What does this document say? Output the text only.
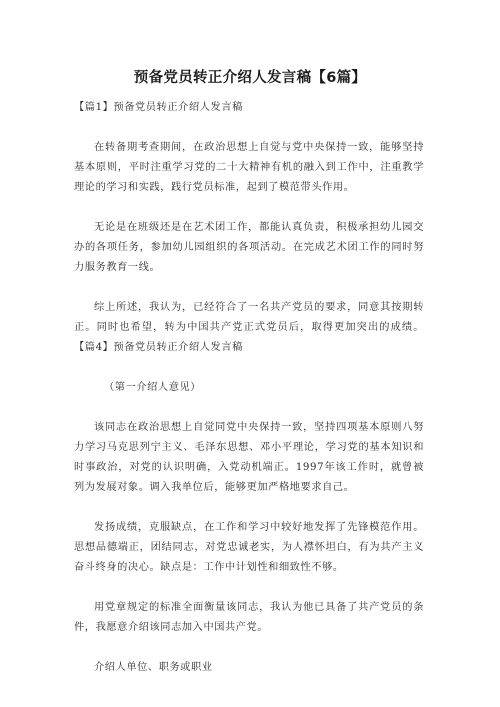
预备党员转正介绍人发言稿【6篇】

【篇1】预备党员转正介绍人发言稿

在转备期考查期间，在政治思想上自觉与党中央保持一致，能够坚持基本原则，平时注重学习党的二十大精神有机的融入到工作中，注重教学理论的学习和实践，践行党员标准，起到了模范带头作用。

无论是在班级还是在艺术团工作，都能认真负责，积极承担幼儿园交办的各项任务，参加幼儿园组织的各项活动。在完成艺术团工作的同时努力服务教育一线。

综上所述，我认为，已经符合了一名共产党员的要求，同意其按期转正。同时也希望，转为中国共产党正式党员后，取得更加突出的成绩。【篇4】预备党员转正介绍人发言稿

（第一介绍人意见）

该同志在政治思想上自觉同党中央保持一致，坚持四项基本原则八努力学习马克思列宁主义、毛泽东思想、邓小平理论，学习党的基本知识和时事政治，对党的认识明确，入党动机端正。1997年该工作时，就曾被列为发展对象。调入我单位后，能够更加严格地要求自己。

发扬成绩，克服缺点，在工作和学习中较好地发挥了先锋模范作用。思想品德端正，团结同志，对党忠诚老实，为人襟怀坦白，有为共产主义奋斗终身的决心。缺点是：工作中计划性和细致性不够。

用党章规定的标准全面衡量该同志，我认为他已具备了共产党员的条件，我愿意介绍该同志加入中国共产党。

介绍人单位、职务或职业
